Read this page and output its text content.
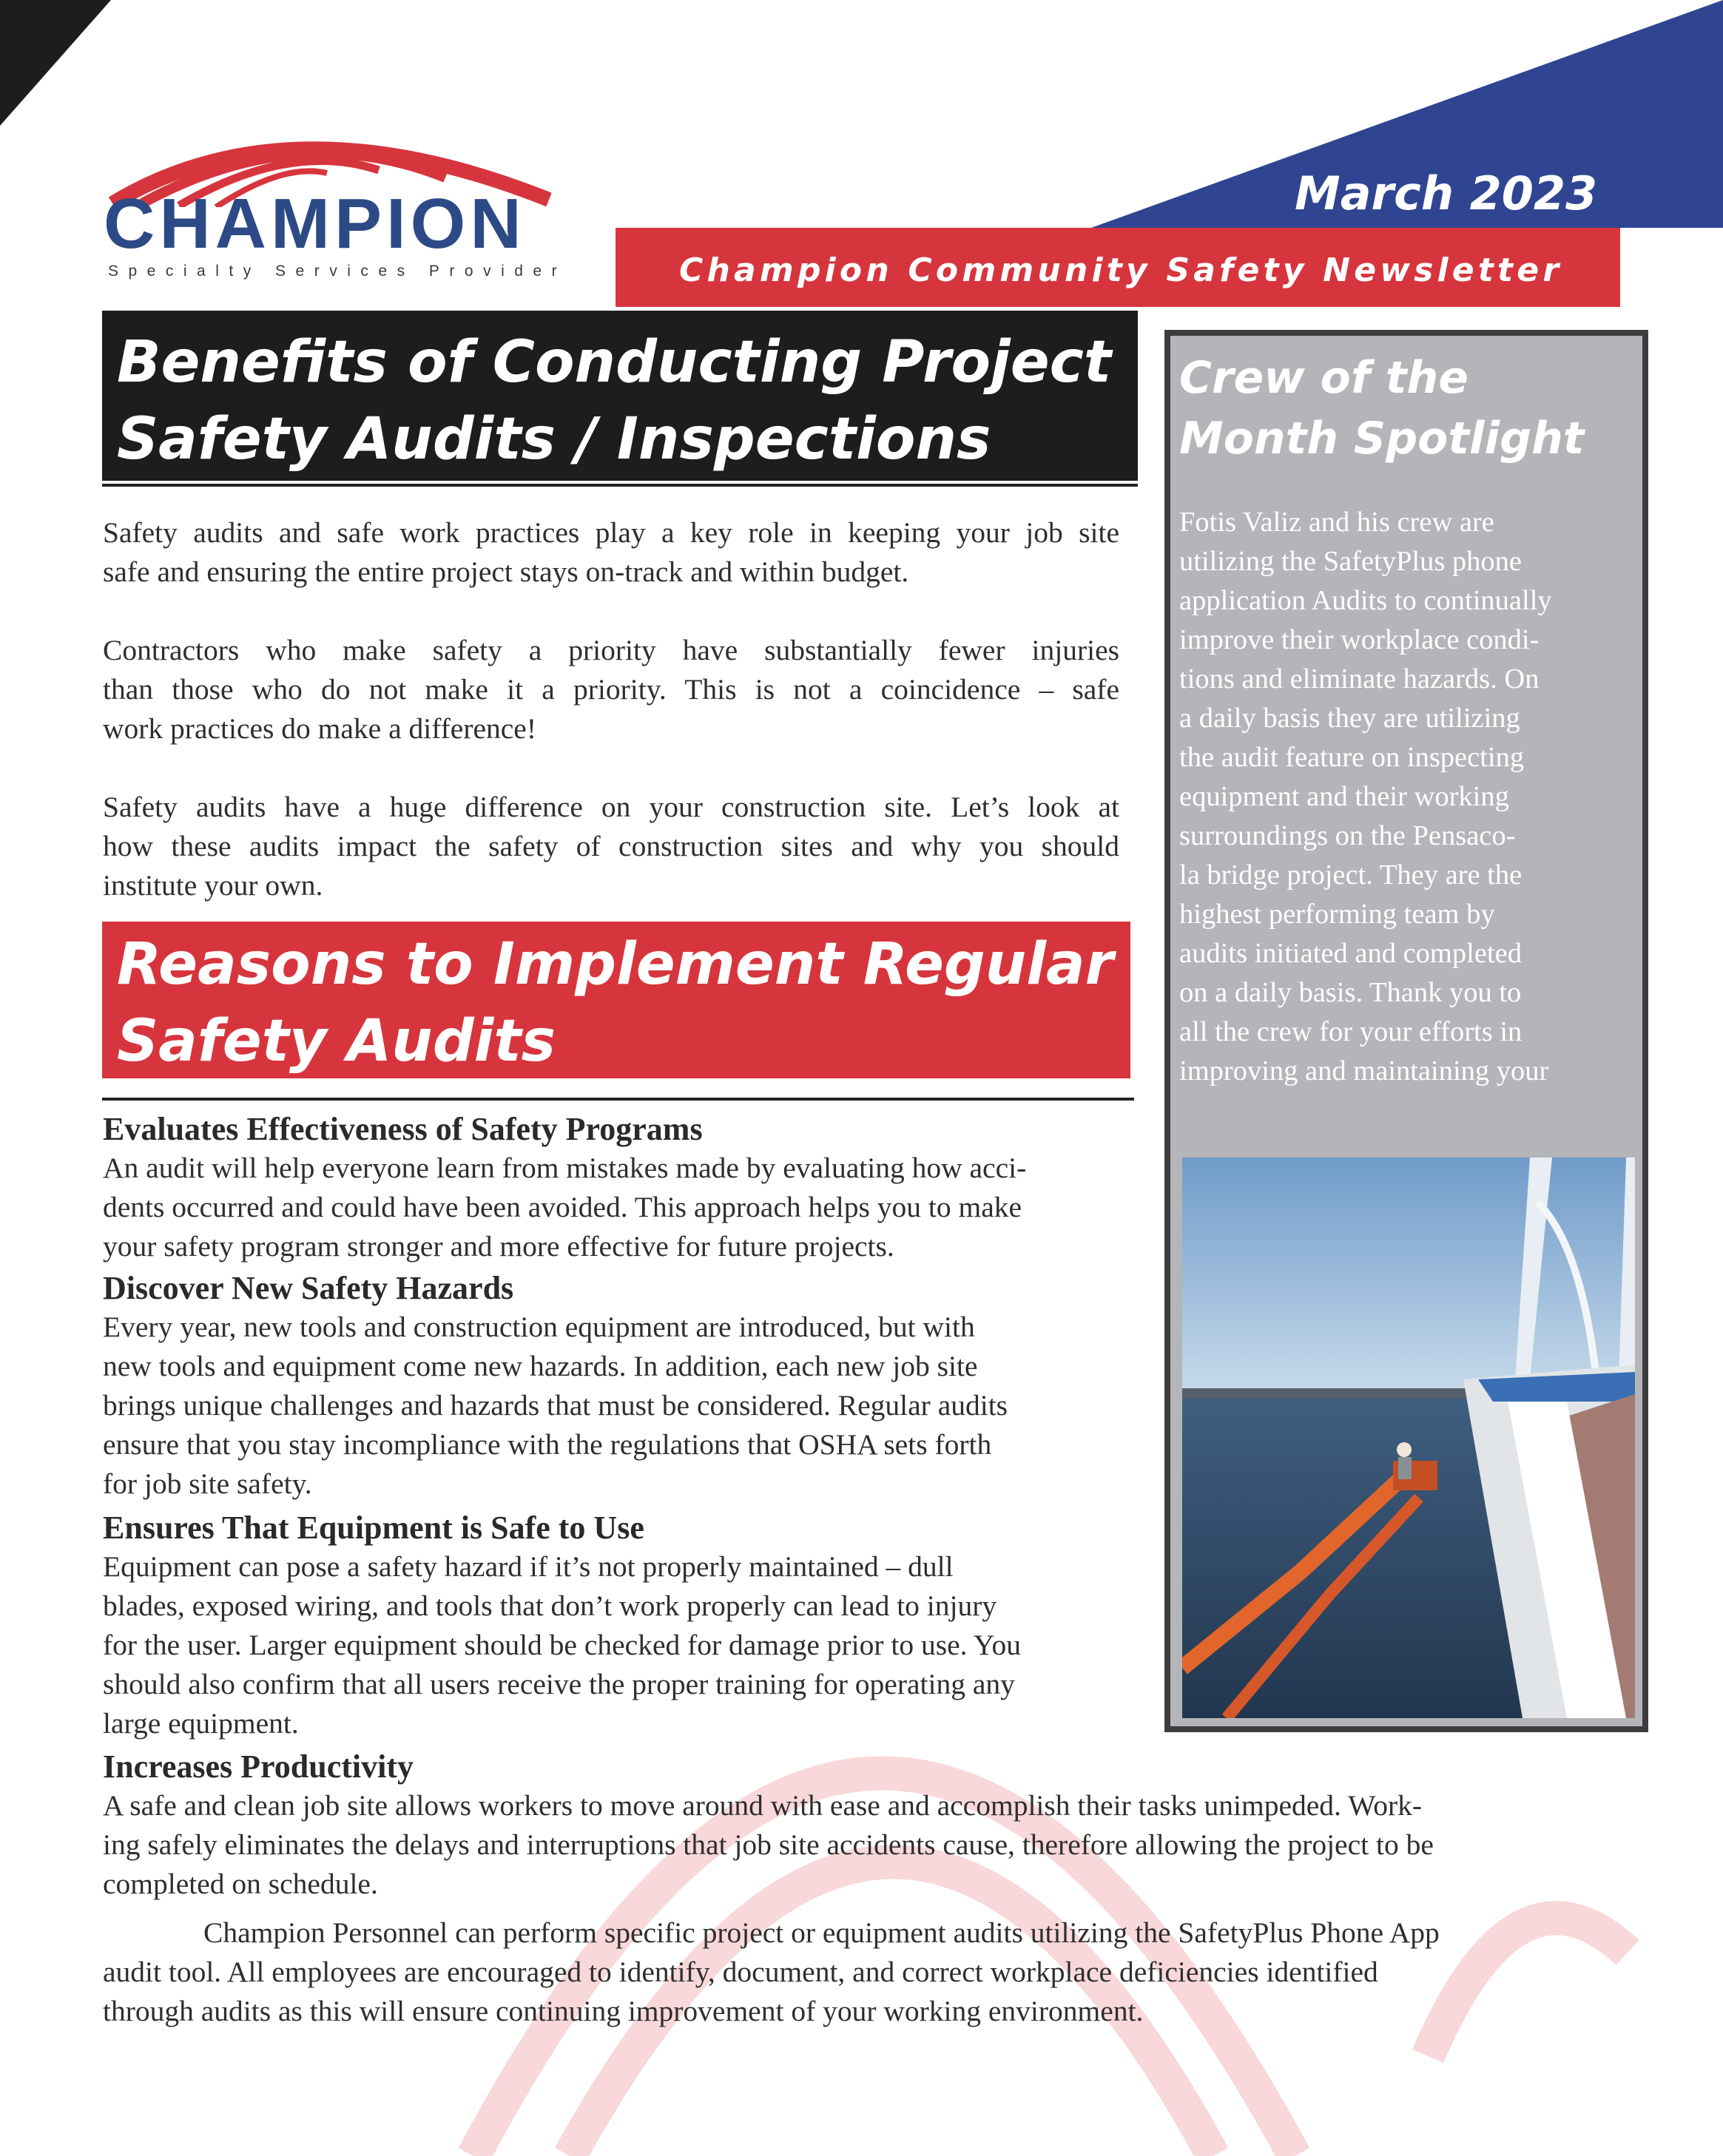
CHAMPION
Specialty Services Provider
March 2023
Champion Community Safety Newsletter
Benefits of Conducting Project
Safety Audits / Inspections
Safety audits and safe work practices play a key role in keeping your job site
safe and ensuring the entire project stays on-track and within budget.
Contractors who make safety a priority have substantially fewer injuries
than those who do not make it a priority. This is not a coincidence – safe
work practices do make a difference!
Safety audits have a huge difference on your construction site. Let’s look at
how these audits impact the safety of construction sites and why you should
institute your own.
Reasons to Implement Regular
Safety Audits
Evaluates Effectiveness of Safety Programs
An audit will help everyone learn from mistakes made by evaluating how acci-
dents occurred and could have been avoided. This approach helps you to make
your safety program stronger and more effective for future projects.
Discover New Safety Hazards
Every year, new tools and construction equipment are introduced, but with
new tools and equipment come new hazards. In addition, each new job site
brings unique challenges and hazards that must be considered. Regular audits
ensure that you stay incompliance with the regulations that OSHA sets forth
for job site safety.
Ensures That Equipment is Safe to Use
Equipment can pose a safety hazard if it’s not properly maintained – dull
blades, exposed wiring, and tools that don’t work properly can lead to injury
for the user. Larger equipment should be checked for damage prior to use. You
should also confirm that all users receive the proper training for operating any
large equipment.
Increases Productivity
A safe and clean job site allows workers to move around with ease and accomplish their tasks unimpeded. Work-
ing safely eliminates the delays and interruptions that job site accidents cause, therefore allowing the project to be
completed on schedule.
Champion Personnel can perform specific project or equipment audits utilizing the SafetyPlus Phone App
audit tool. All employees are encouraged to identify, document, and correct workplace deficiencies identified
through audits as this will ensure continuing improvement of your working environment.
Crew of the
Month Spotlight
Fotis Valiz and his crew are
utilizing the SafetyPlus phone
application Audits to continually
improve their workplace condi-
tions and eliminate hazards. On
a daily basis they are utilizing
the audit feature on inspecting
equipment and their working
surroundings on the Pensaco-
la bridge project. They are the
highest performing team by
audits initiated and completed
on a daily basis. Thank you to
all the crew for your efforts in
improving and maintaining your
